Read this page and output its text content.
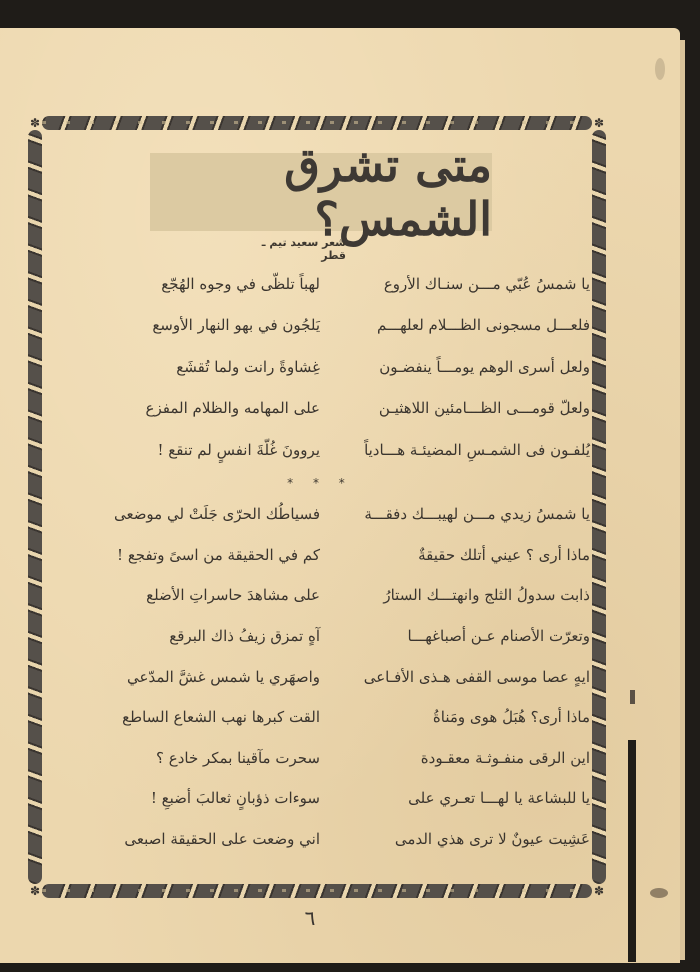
✽	✽
✽	✽
متى تشرق الشمس؟
شعر سعيد تيم ـ قطر
يا شمسُ عُبّي مـــن سنـاك الأروع
لهباً تلظّى في وجوه الهُجّع
فلعـــل مسجونى الظـــلام لعلهـــم
يَلجُون في بهو النهار الأوسع
ولعل أسرى الوهم يومـــاً ينفضـون
غِشاوةً رانت ولما تُقشَع
ولعلّ قومـــى الظـــامئين اللاهثيـن
على المهامه والظلام المفزع
يُلفـون فى الشمـسِ المضيئـة هـــادياً
يروونَ غُلّةَ انفسٍ لم تنقع !
* * *
يا شمسُ زيدي مـــن لهيبـــك دفقـــة
فسياطُك الحرّى جَلَتْ لي موضعى
ماذا أرى ؟ عيني أتلك حقيقةٌ
كم في الحقيقة من اسىً وتفجع !
ذابت سدولُ الثلج وانهتـــك الستارُ
على مشاهدَ حاسراتِ الأضلع
وتعرّت الأصنام عـن أصباغهـــا
آهٍ تمزق زيفُ ذاك البرقع
ايهٍ عصا موسى القفى هـذى الأفـاعى
واصهَري يا شمس غشَّ المدّعي
ماذا أرى؟ هُبَلُ هوى ومَناةُ
القت كبرها نهب الشعاع الساطع
اين الرقى منفـوثـة معقـودة
سحرت مآقينا بمكر خادع ؟
يا للبشاعة يا لهـــا تعـري على
سوءات ذؤبانٍ ثعالبَ أضبعِ !
عَشِيت عيونٌ لا ترى هذي الدمى
اني وضعت على الحقيقة اصبعى
٦
